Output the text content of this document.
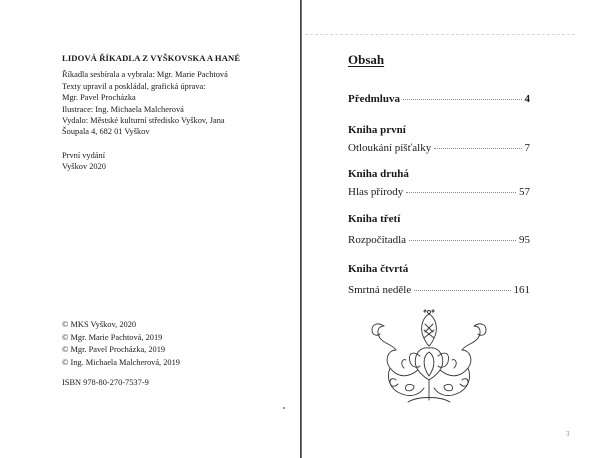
LIDOVÁ ŘÍKADLA Z VYŠKOVSKA A HANÉ
Říkadla sesbírala a vybrala: Mgr. Marie Pachtová
Texty upravil a poskládal, grafická úprava:
Mgr. Pavel Procházka
Ilustrace: Ing. Michaela Malcherová
Vydalo: Městské kulturní středisko Vyškov, Jana
Šoupala 4, 682 01 Vyškov
První vydání
Vyškov 2020
© MKS Vyškov, 2020
© Mgr. Marie Pachtová, 2019
© Mgr. Pavel Procházka, 2019
© Ing. Michaela Malcherová, 2019
ISBN 978-80-270-7537-9
Obsah
Předmluva	4
Kniha první
Otloukání píšťalky	7
Kniha druhá
Hlas přírody	57
Kniha třetí
Rozpočítadla	95
Kniha čtvrtá
Smrtná neděle	161
3
